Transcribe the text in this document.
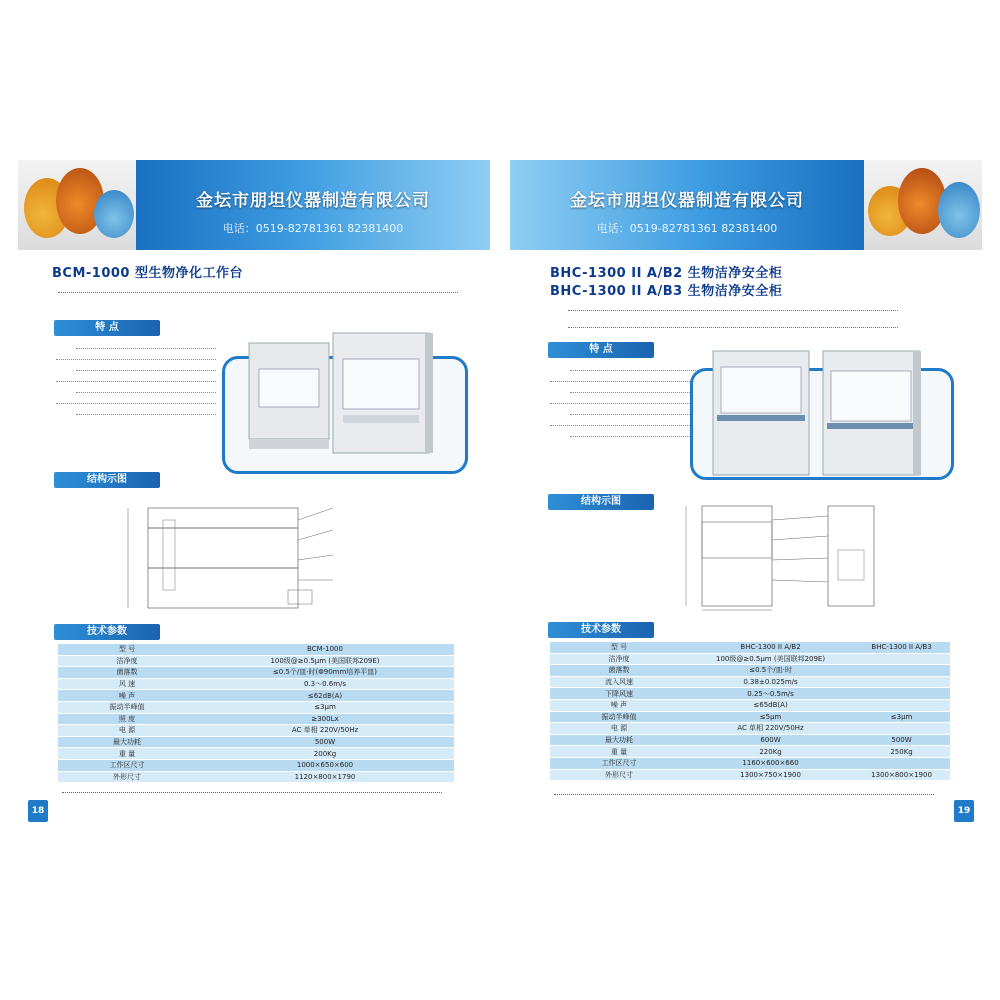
金坛市朋坦仪器制造有限公司
电话：0519-82781361 82381400
BCM-1000 型生物净化工作台
特 点
结构示图
技术参数
型 号	BCM-1000
洁净度	100级@≥0.5μm (美国联邦209E)
菌落数	≤0.5个/皿·时(Φ90mm培养平皿)
风 速	0.3～0.6m/s
噪 声	≤62dB(A)
振动半峰值	≤3μm
照 度	≥300Lx
电 源	AC 单相 220V/50Hz
最大功耗	500W
重 量	200Kg
工作区尺寸	1000×650×600
外形尺寸	1120×800×1790
18
金坛市朋坦仪器制造有限公司
电话：0519-82781361 82381400
BHC-1300 II A/B2 生物洁净安全柜
BHC-1300 II A/B3 生物洁净安全柜
特 点
结构示图
技术参数
型 号	BHC-1300 II A/B2	BHC-1300 II A/B3
洁净度	100级@≥0.5μm (美国联邦209E)	
菌落数	≤0.5个/皿·时	
流入风速	0.38±0.025m/s	
下降风速	0.25～0.5m/s	
噪 声	≤65dB(A)	
振动半峰值	≤5μm	≤3μm
电 源	AC 单相 220V/50Hz	
最大功耗	600W	500W
重 量	220Kg	250Kg
工作区尺寸	1160×600×660	
外形尺寸	1300×750×1900	1300×800×1900
19
